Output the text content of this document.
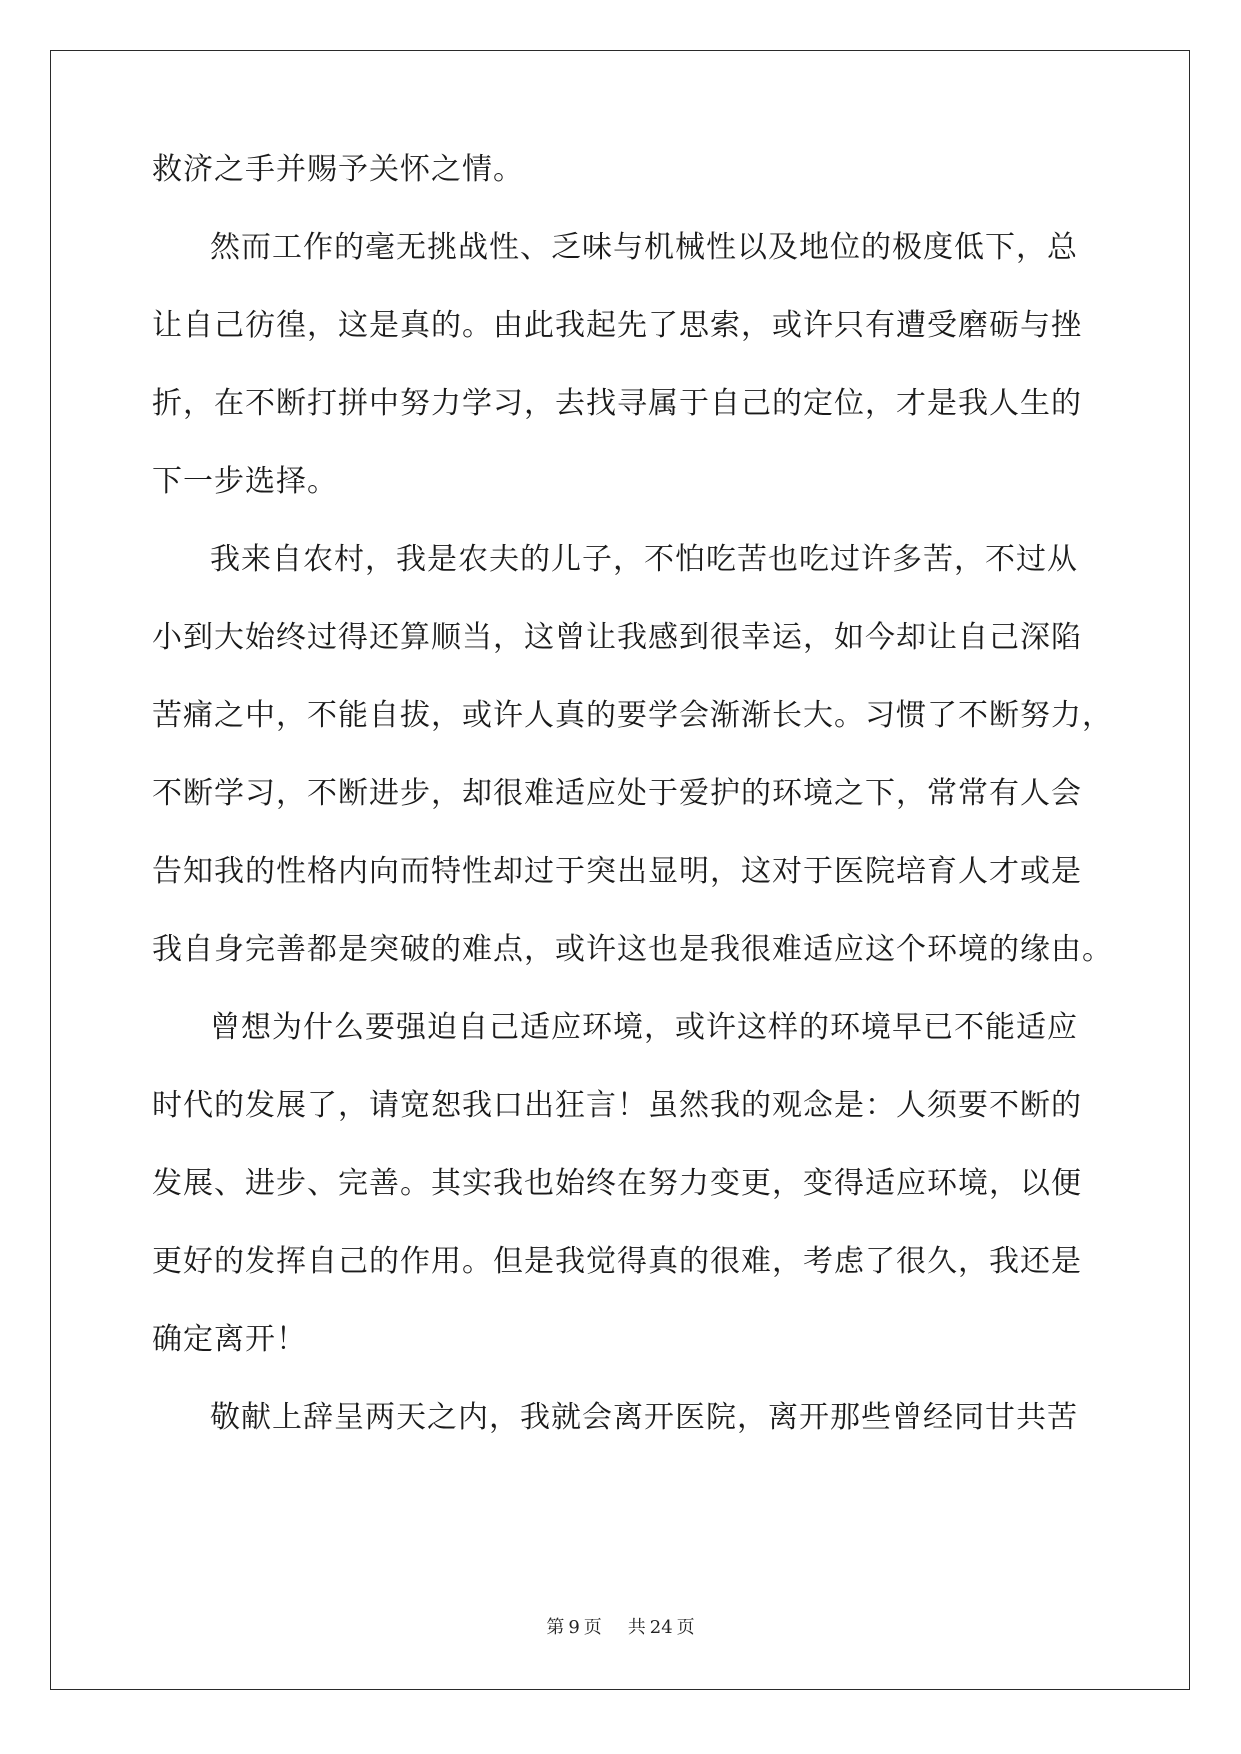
救济之手并赐予关怀之情。
然而工作的毫无挑战性、乏味与机械性以及地位的极度低下，总
让自己彷徨，这是真的。由此我起先了思索，或许只有遭受磨砺与挫
折，在不断打拼中努力学习，去找寻属于自己的定位，才是我人生的
下一步选择。
我来自农村，我是农夫的儿子，不怕吃苦也吃过许多苦，不过从
小到大始终过得还算顺当，这曾让我感到很幸运，如今却让自己深陷
苦痛之中，不能自拔，或许人真的要学会渐渐长大。习惯了不断努力，
不断学习，不断进步，却很难适应处于爱护的环境之下，常常有人会
告知我的性格内向而特性却过于突出显明，这对于医院培育人才或是
我自身完善都是突破的难点，或许这也是我很难适应这个环境的缘由。
曾想为什么要强迫自己适应环境，或许这样的环境早已不能适应
时代的发展了，请宽恕我口出狂言！虽然我的观念是：人须要不断的
发展、进步、完善。其实我也始终在努力变更，变得适应环境，以便
更好的发挥自己的作用。但是我觉得真的很难，考虑了很久，我还是
确定离开！
敬献上辞呈两天之内，我就会离开医院，离开那些曾经同甘共苦
第 9 页 共 24 页
